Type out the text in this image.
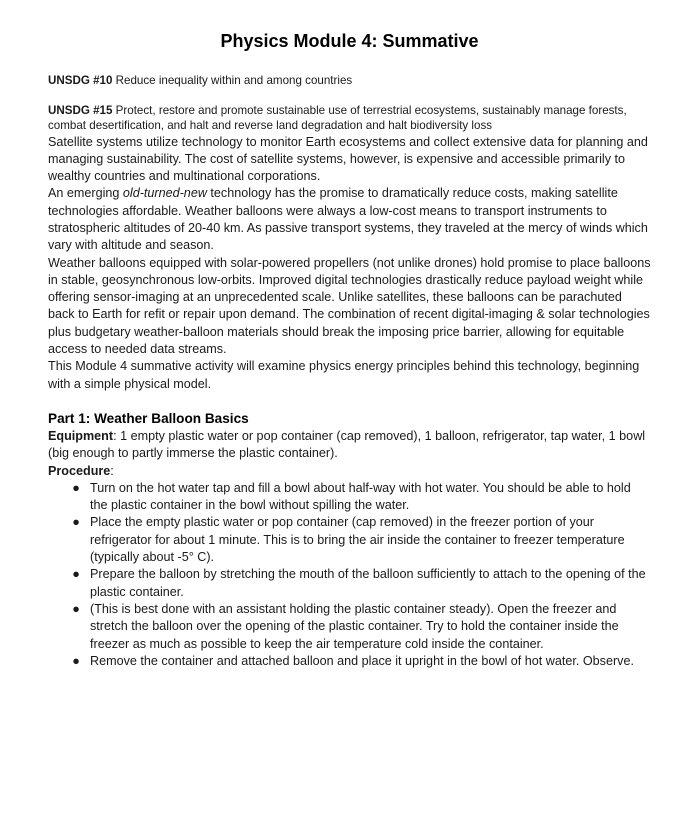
Physics Module 4: Summative

UNSDG #10 Reduce inequality within and among countries

UNSDG #15 Protect, restore and promote sustainable use of terrestrial ecosystems, sustainably manage forests, combat desertification, and halt and reverse land degradation and halt biodiversity loss

Satellite systems utilize technology to monitor Earth ecosystems and collect extensive data for planning and managing sustainability. The cost of satellite systems, however, is expensive and accessible primarily to wealthy countries and multinational corporations.

An emerging old-turned-new technology has the promise to dramatically reduce costs, making satellite technologies affordable. Weather balloons were always a low-cost means to transport instruments to stratospheric altitudes of 20-40 km. As passive transport systems, they traveled at the mercy of winds which vary with altitude and season.

Weather balloons equipped with solar-powered propellers (not unlike drones) hold promise to place balloons in stable, geosynchronous low-orbits. Improved digital technologies drastically reduce payload weight while offering sensor-imaging at an unprecedented scale. Unlike satellites, these balloons can be parachuted back to Earth for refit or repair upon demand. The combination of recent digital-imaging & solar technologies plus budgetary weather-balloon materials should break the imposing price barrier, allowing for equitable access to needed data streams.

This Module 4 summative activity will examine physics energy principles behind this technology, beginning with a simple physical model.

Part 1: Weather Balloon Basics

Equipment: 1 empty plastic water or pop container (cap removed), 1 balloon, refrigerator, tap water, 1 bowl (big enough to partly immerse the plastic container).

Procedure:

● Turn on the hot water tap and fill a bowl about half-way with hot water. You should be able to hold the plastic container in the bowl without spilling the water.
● Place the empty plastic water or pop container (cap removed) in the freezer portion of your refrigerator for about 1 minute. This is to bring the air inside the container to freezer temperature (typically about -5° C).
● Prepare the balloon by stretching the mouth of the balloon sufficiently to attach to the opening of the plastic container.
● (This is best done with an assistant holding the plastic container steady). Open the freezer and stretch the balloon over the opening of the plastic container. Try to hold the container inside the freezer as much as possible to keep the air temperature cold inside the container.
● Remove the container and attached balloon and place it upright in the bowl of hot water. Observe.
